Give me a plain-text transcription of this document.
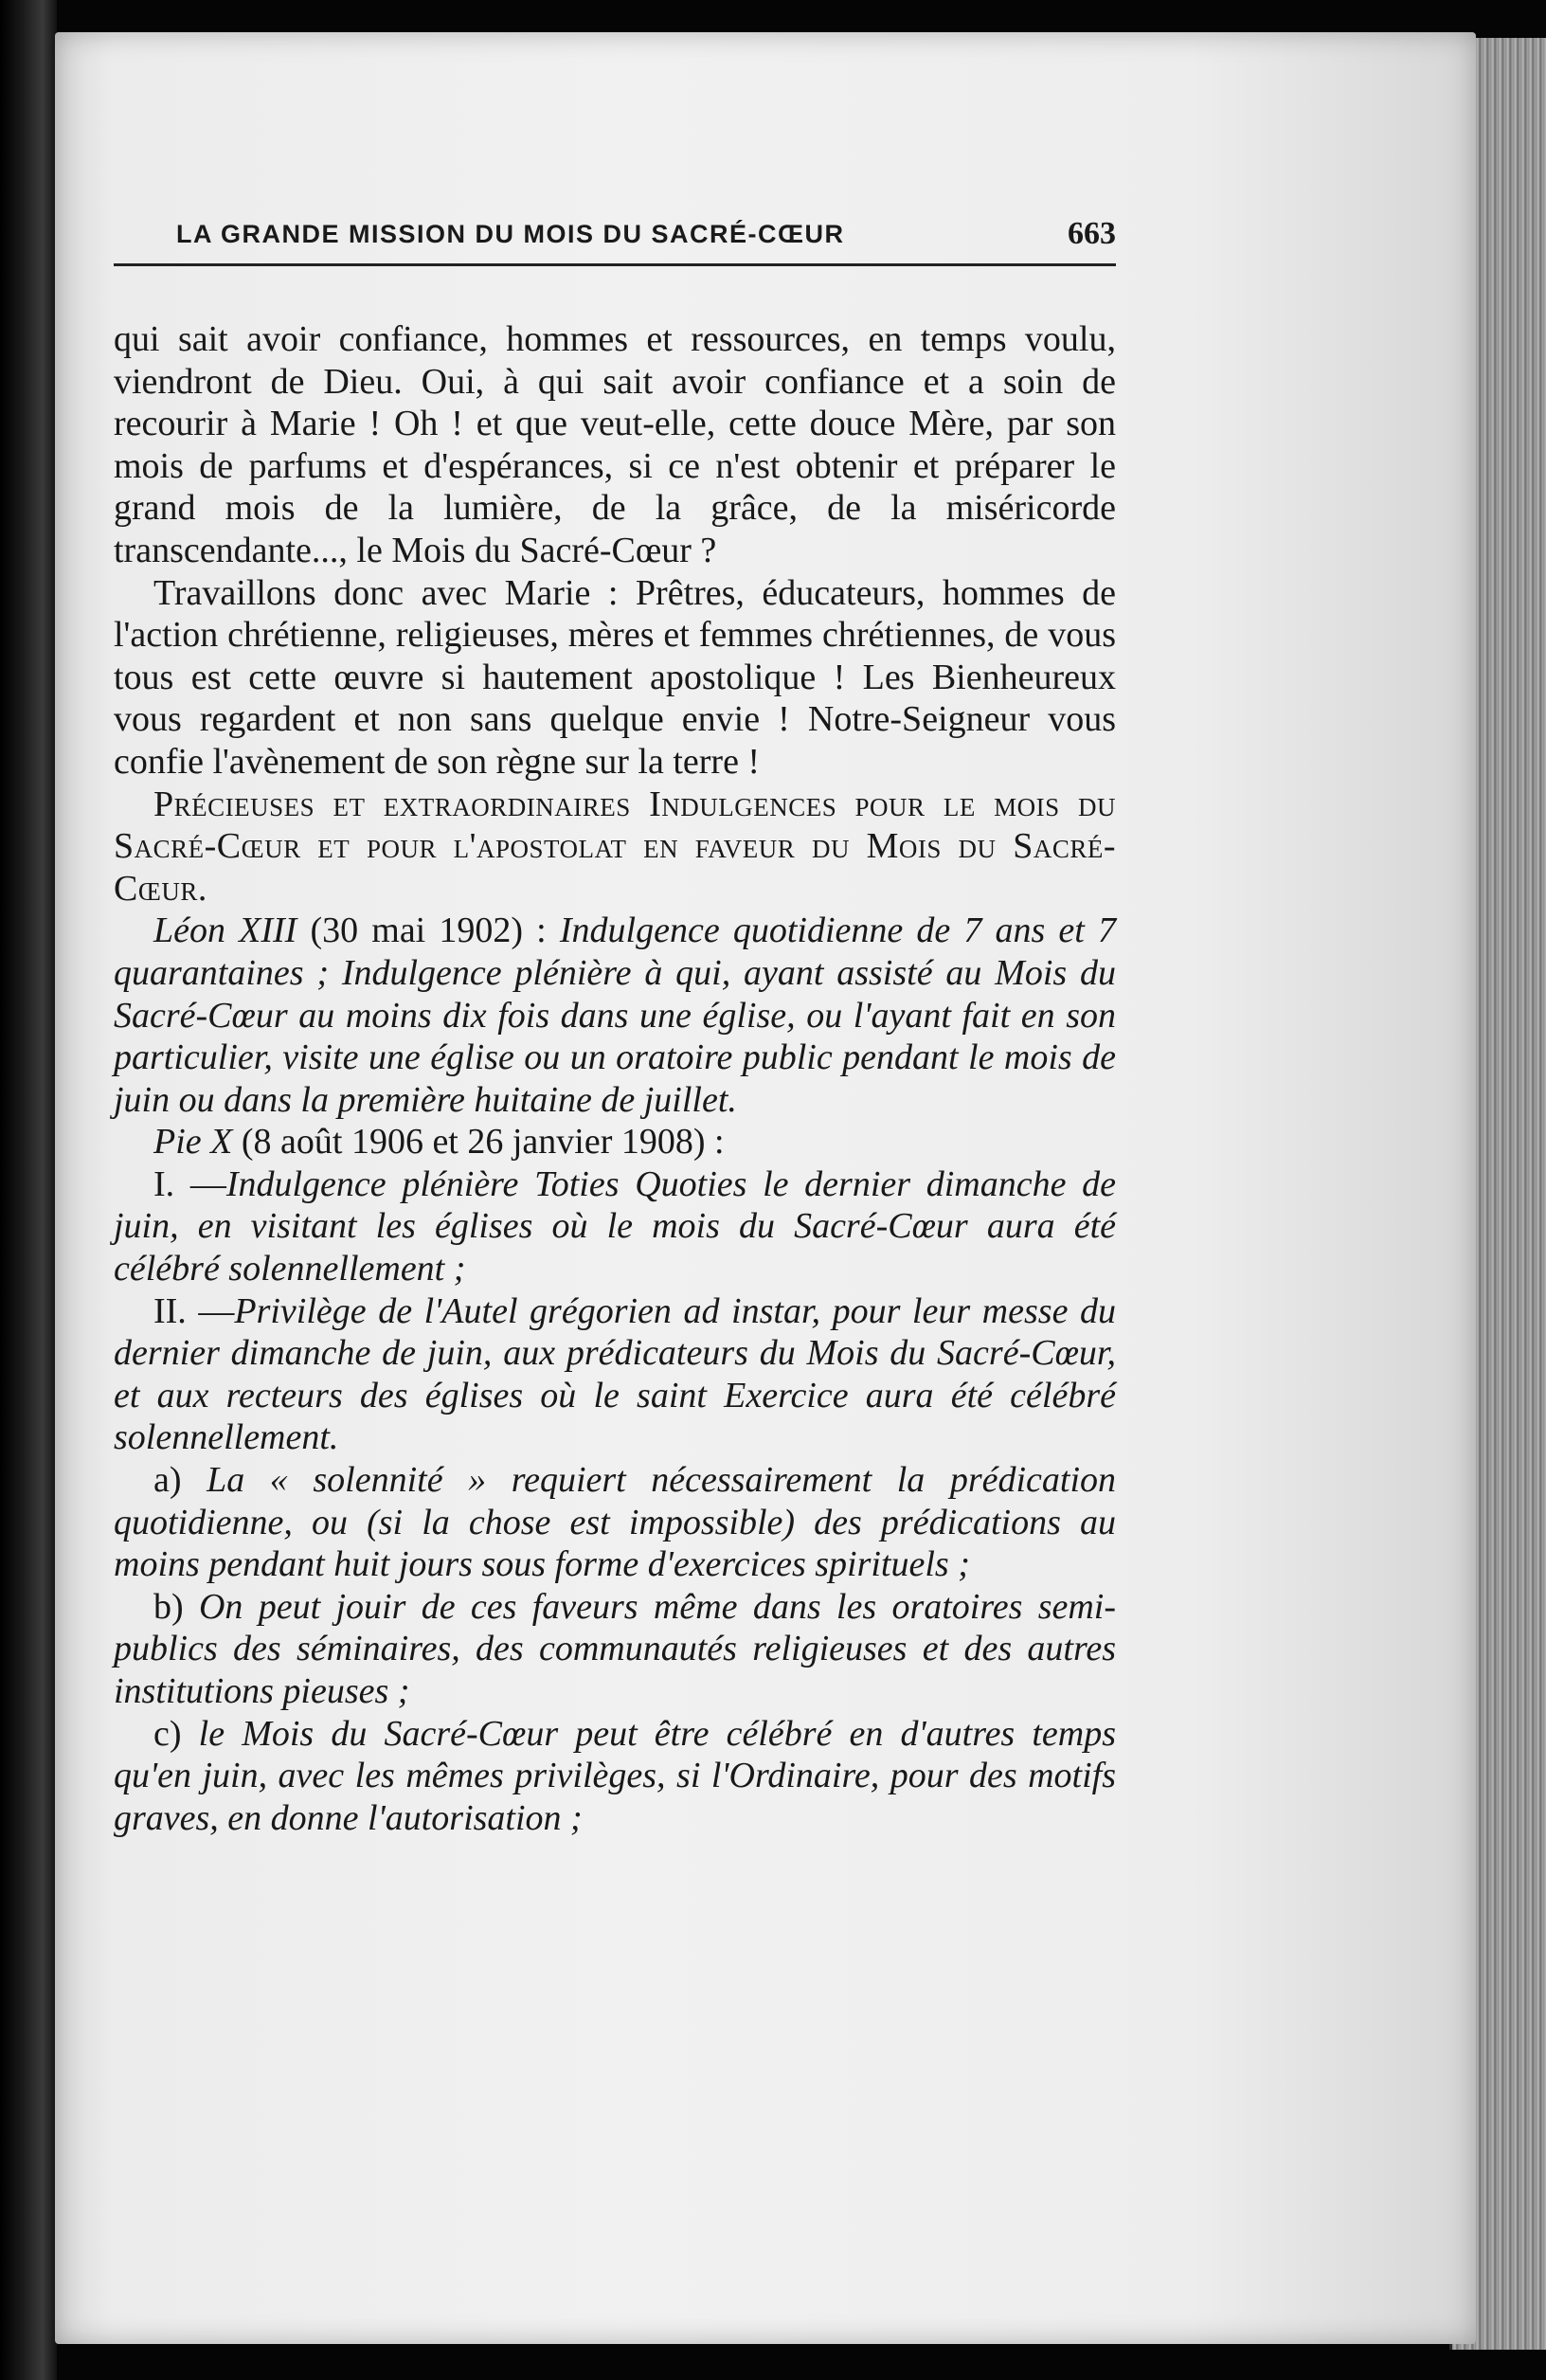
LA GRANDE MISSION DU MOIS DU SACRÉ-CŒUR	663

qui sait avoir confiance, hommes et ressources, en temps voulu, viendront de Dieu. Oui, à qui sait avoir confiance et a soin de recourir à Marie ! Oh ! et que veut-elle, cette douce Mère, par son mois de parfums et d'espérances, si ce n'est obtenir et préparer le grand mois de la lumière, de la grâce, de la miséricorde transcendante..., le Mois du Sacré-Cœur ?

Travaillons donc avec Marie : Prêtres, éducateurs, hommes de l'action chrétienne, religieuses, mères et femmes chrétiennes, de vous tous est cette œuvre si hautement apostolique ! Les Bienheureux vous regardent et non sans quelque envie ! Notre-Seigneur vous confie l'avènement de son règne sur la terre !

Précieuses et extraordinaires Indulgences pour le mois du Sacré-Cœur et pour l'apostolat en faveur du Mois du Sacré-Cœur.

Léon XIII (30 mai 1902) : Indulgence quotidienne de 7 ans et 7 quarantaines ; Indulgence plénière à qui, ayant assisté au Mois du Sacré-Cœur au moins dix fois dans une église, ou l'ayant fait en son particulier, visite une église ou un oratoire public pendant le mois de juin ou dans la première huitaine de juillet.

Pie X (8 août 1906 et 26 janvier 1908) :

I. —Indulgence plénière Toties Quoties le dernier dimanche de juin, en visitant les églises où le mois du Sacré-Cœur aura été célébré solennellement ;

II. —Privilège de l'Autel grégorien ad instar, pour leur messe du dernier dimanche de juin, aux prédicateurs du Mois du Sacré-Cœur, et aux recteurs des églises où le saint Exercice aura été célébré solennellement.

a) La « solennité » requiert nécessairement la prédication quotidienne, ou (si la chose est impossible) des prédications au moins pendant huit jours sous forme d'exercices spirituels ;

b) On peut jouir de ces faveurs même dans les oratoires semi-publics des séminaires, des communautés religieuses et des autres institutions pieuses ;

c) le Mois du Sacré-Cœur peut être célébré en d'autres temps qu'en juin, avec les mêmes privilèges, si l'Ordinaire, pour des motifs graves, en donne l'autorisation ;
